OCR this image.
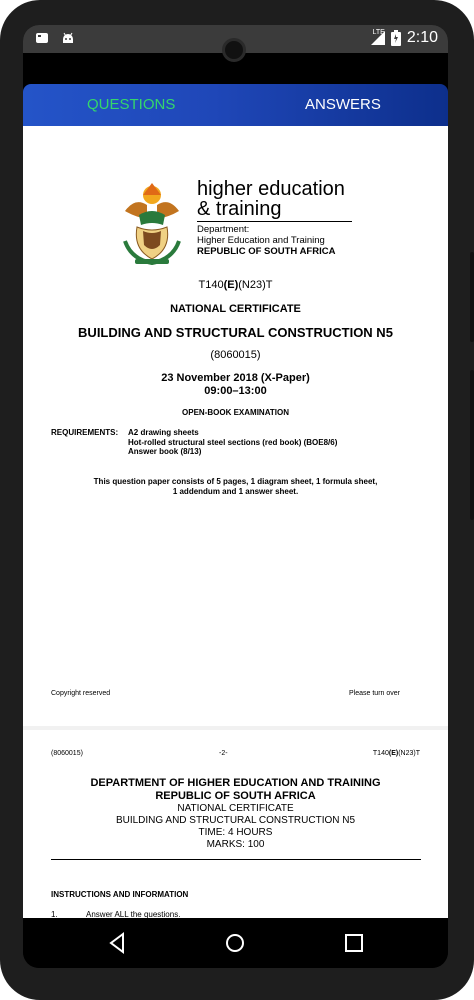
LTE 2:10
QUESTIONS	ANSWERS
higher education
& training
Department:
Higher Education and Training
REPUBLIC OF SOUTH AFRICA
T140(E)(N23)T
NATIONAL CERTIFICATE
BUILDING AND STRUCTURAL CONSTRUCTION N5
(8060015)
23 November 2018 (X-Paper)
09:00–13:00
OPEN-BOOK EXAMINATION
REQUIREMENTS:	A2 drawing sheets
Hot-rolled structural steel sections (red book) (BOE8/6)
Answer book (8/13)
This question paper consists of 5 pages, 1 diagram sheet, 1 formula sheet,
1 addendum and 1 answer sheet.
Copyright reserved	Please turn over
(8060015)	-2-	T140(E)(N23)T
DEPARTMENT OF HIGHER EDUCATION AND TRAINING
REPUBLIC OF SOUTH AFRICA
NATIONAL CERTIFICATE
BUILDING AND STRUCTURAL CONSTRUCTION N5
TIME: 4 HOURS
MARKS: 100
INSTRUCTIONS AND INFORMATION
1.	Answer ALL the questions.
